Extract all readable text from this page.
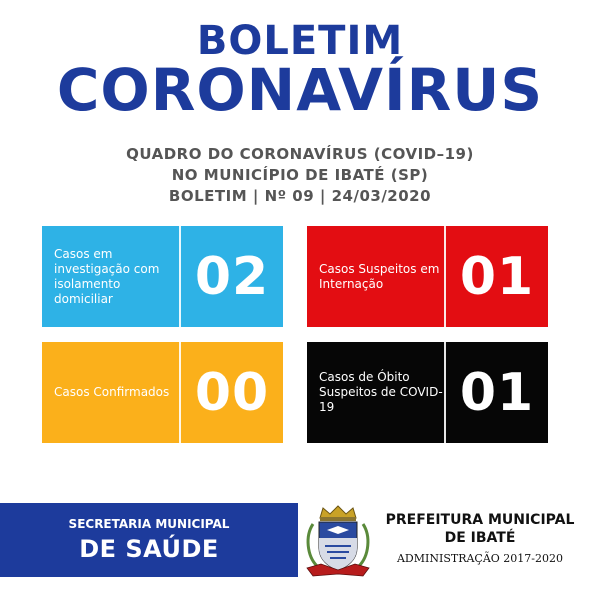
BOLETIM
CORONAVÍRUS
QUADRO DO CORONAVÍRUS (COVID–19)
NO MUNICÍPIO DE IBATÉ (SP)
BOLETIM | Nº 09 | 24/03/2020
Casos em investigação com isolamento domiciliar	02	Casos Suspeitos em Internação	01
Casos Confirmados 00	Casos de Óbito Suspeitos de COVID-19	01
SECRETARIA MUNICIPAL
DE SAÚDE
PREFEITURA MUNICIPAL
DE IBATÉ
ADMINISTRAÇÃO 2017-2020
